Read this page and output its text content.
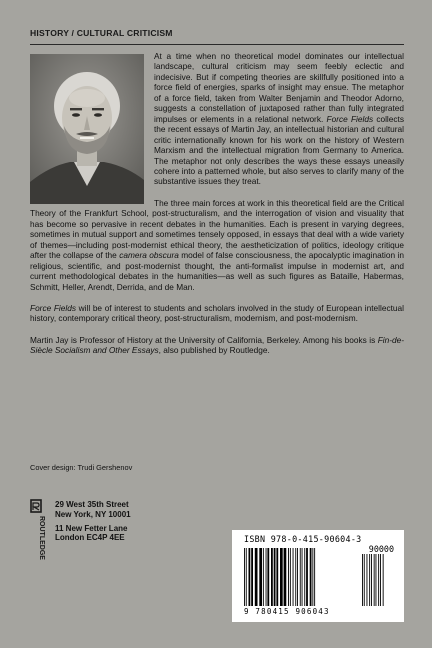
HISTORY / CULTURAL CRITICISM

At a time when no theoretical model dominates our intellectual landscape, cultural criticism may seem feebly eclectic and indecisive. But if competing theories are skillfully positioned into a force field of energies, sparks of insight may ensue. The metaphor of a force field, taken from Walter Benjamin and Theodor Adorno, suggests a constellation of juxtaposed rather than fully integrated impulses or elements in a relational network. Force Fields collects the recent essays of Martin Jay, an intellectual historian and cultural critic internationally known for his work on the history of Western Marxism and the intellectual migration from Germany to America. The metaphor not only describes the ways these essays uneasily cohere into a patterned whole, but also serves to clarify many of the substantive issues they treat.

The three main forces at work in this theoretical field are the Critical Theory of the Frankfurt School, post-structuralism, and the interrogation of vision and visuality that has become so pervasive in recent debates in the humanities. Each is present in varying degrees, sometimes in mutual support and sometimes tensely opposed, in essays that deal with a wide variety of themes—including post-modernist ethical theory, the aestheticization of politics, ideology critique after the collapse of the camera obscura model of false consciousness, the apocalyptic imagination in religious, scientific, and post-modernist thought, the anti-formalist impulse in modernist art, and current methodological debates in the humanities—as well as such figures as Bataille, Habermas, Schmitt, Heller, Arendt, Derrida, and de Man.

Force Fields will be of interest to students and scholars involved in the study of European intellectual history, contemporary critical theory, post-structuralism, modernism, and post-modernism.

Martin Jay is Professor of History at the University of California, Berkeley. Among his books is Fin-de-Siècle Socialism and Other Essays, also published by Routledge.

Cover design: Trudi Gershenov
ROUTLEDGE
29 West 35th Street
New York, NY 10001
11 New Fetter Lane
London EC4P 4EE	ISBN 978-0-415-90604-3
90000
9 780415 906043
